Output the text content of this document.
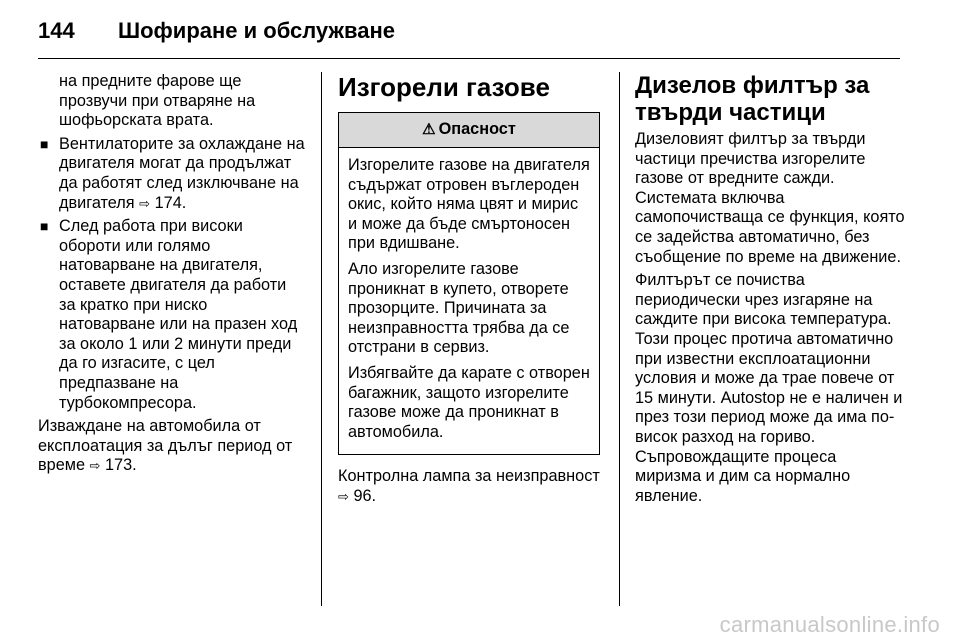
144 Шофиране и обслужване
на предните фарове ще прозвучи при отваряне на шофьорската врата.
■ Вентилаторите за охлаждане на двигателя могат да продължат да работят след изключване на двигателя ⇨ 174.
■ След работа при високи обороти или голямо натоварване на двигателя, оставете двигателя да работи за кратко при ниско натоварване или на празен ход за около 1 или 2 минути преди да го изгасите, с цел предпазване на турбокомпресора.
Изваждане на автомобила от експлоатация за дълъг период от време ⇨ 173.
Изгорели газове
⚠ Опасност
Изгорелите газове на двигателя съдържат отровен въглероден окис, който няма цвят и мирис и може да бъде смъртоносен при вдишване.
Ало изгорелите газове проникнат в купето, отворете прозорците. Причината за неизправността трябва да се отстрани в сервиз.
Избягвайте да карате с отворен багажник, защото изгорелите газове може да проникнат в автомобила.
Контролна лампа за неизправност ⇨ 96.
Дизелов филтър за твърди частици
Дизеловият филтър за твърди частици пречиства изгорелите газове от вредните сажди. Системата включва самопочистваща се функция, която се задейства автоматично, без съобщение по време на движение.
Филтърът се почиства периодически чрез изгаряне на саждите при висока температура. Този процес протича автоматично при известни експлоатационни условия и може да трае повече от 15 минути. Autostop не е наличен и през този период може да има по-висок разход на гориво. Съпровождащите процеса миризма и дим са нормално явление.
carmanualsonline.info
